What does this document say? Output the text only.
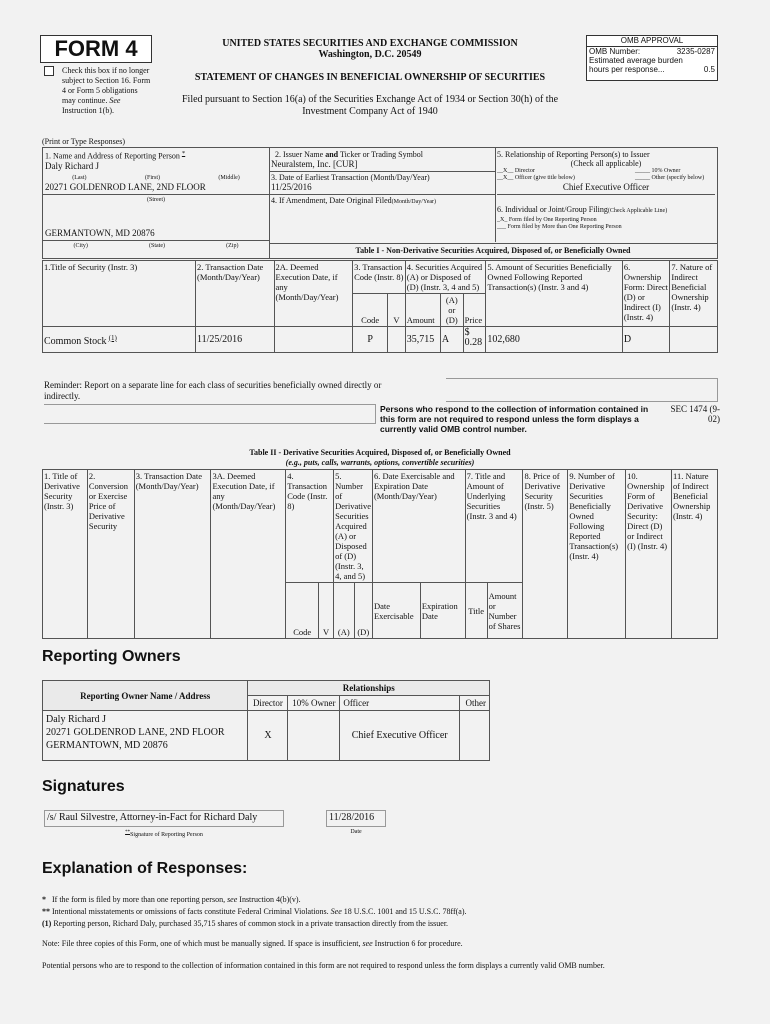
FORM 4
Check this box if no longer subject to Section 16. Form 4 or Form 5 obligations may continue. See Instruction 1(b).
UNITED STATES SECURITIES AND EXCHANGE COMMISSION
Washington, D.C. 20549
STATEMENT OF CHANGES IN BENEFICIAL OWNERSHIP OF SECURITIES
Filed pursuant to Section 16(a) of the Securities Exchange Act of 1934 or Section 30(h) of the Investment Company Act of 1940
OMB APPROVAL
OMB Number:	3235-0287
Estimated average burden
hours per response...	0.5
(Print or Type Responses)
1. Name and Address of Reporting Person *
Daly Richard J
(Last)	(First)	(Middle)
20271 GOLDENROD LANE, 2ND FLOOR
(Street)
GERMANTOWN, MD 20876
(City)	(State)	(Zip)
2. Issuer Name and Ticker or Trading Symbol
Neuralstem, Inc. [CUR]
3. Date of Earliest Transaction (Month/Day/Year)
11/25/2016
4. If Amendment, Date Original Filed(Month/Day/Year)
5. Relationship of Reporting Person(s) to Issuer
(Check all applicable)
__X__ Director	_____ 10% Owner
__X__ Officer (give title below)	_____ Other (specify below)
Chief Executive Officer
6. Individual or Joint/Group Filing(Check Applicable Line)
_X_ Form filed by One Reporting Person
___ Form filed by More than One Reporting Person
Table I - Non-Derivative Securities Acquired, Disposed of, or Beneficially Owned
1.Title of Security (Instr. 3)	2. Transaction Date (Month/Day/Year)	2A. Deemed Execution Date, if any (Month/Day/Year)	3. Transaction Code (Instr. 8)		4. Securities Acquired (A) or Disposed of (D) (Instr. 3, 4 and 5)			5. Amount of Securities Beneficially Owned Following Reported Transaction(s) (Instr. 3 and 4)	6. Ownership Form: Direct (D) or Indirect (I) (Instr. 4)	7. Nature of Indirect Beneficial Ownership (Instr. 4)
			Code	V	Amount	(A) or (D)	Price			
Common Stock $^{(1)}$	11/25/2016		P		35,715	A	$ 0.28	102,680	D	
Reminder: Report on a separate line for each class of securities beneficially owned directly or indirectly.
Persons who respond to the collection of information contained in this form are not required to respond unless the form displays a currently valid OMB control number.
SEC 1474 (9-02)
Table II - Derivative Securities Acquired, Disposed of, or Beneficially Owned
(e.g., puts, calls, warrants, options, convertible securities)
1. Title of Derivative Security (Instr. 3)	2. Conversion or Exercise Price of Derivative Security	3. Transaction Date (Month/Day/Year)	3A. Deemed Execution Date, if any (Month/Day/Year)	4. Transaction Code (Instr. 8)		5. Number of Derivative Securities Acquired (A) or Disposed of (D) (Instr. 3, 4, and 5)		6. Date Exercisable and Expiration Date (Month/Day/Year)		7. Title and Amount of Underlying Securities (Instr. 3 and 4)		8. Price of Derivative Security (Instr. 5)	9. Number of Derivative Securities Beneficially Owned Following Reported Transaction(s) (Instr. 4)	10. Ownership Form of Derivative Security: Direct (D) or Indirect (I) (Instr. 4)	11. Nature of Indirect Beneficial Ownership (Instr. 4)
				Code	V	(A)	(D)	Date Exercisable	Expiration Date	Title	Amount or Number of Shares				
Reporting Owners
Reporting Owner Name / Address	Relationships			
	Director	10% Owner	Officer	Other

Daly Richard J
20271 GOLDENROD LANE, 2ND FLOOR
GERMANTOWN, MD 20876	X		Chief Executive Officer	
Signatures
/s/ Raul Silvestre, Attorney-in-Fact for Richard Daly	11/28/2016
**Signature of Reporting Person	Date
Explanation of Responses:
* If the form is filed by more than one reporting person, see Instruction 4(b)(v).
** Intentional misstatements or omissions of facts constitute Federal Criminal Violations. See 18 U.S.C. 1001 and 15 U.S.C. 78ff(a).
(1) Reporting person, Richard Daly, purchased 35,715 shares of common stock in a private transaction directly from the issuer.
Note: File three copies of this Form, one of which must be manually signed. If space is insufficient, see Instruction 6 for procedure.
Potential persons who are to respond to the collection of information contained in this form are not required to respond unless the form displays a currently valid OMB number.
